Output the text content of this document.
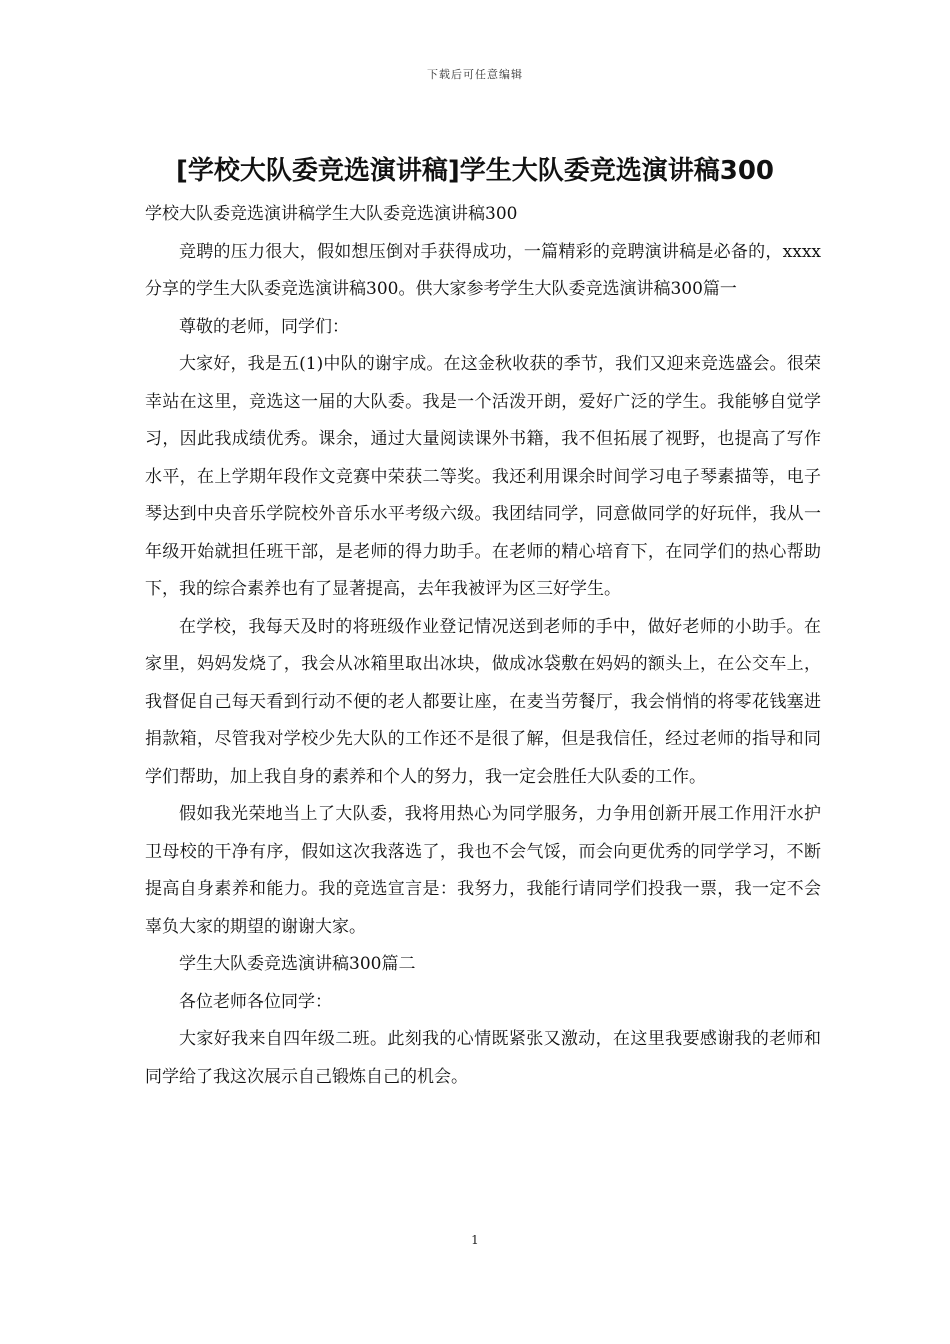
下载后可任意编辑
[学校大队委竞选演讲稿]学生大队委竞选演讲稿300

学校大队委竞选演讲稿学生大队委竞选演讲稿300

竞聘的压力很大，假如想压倒对手获得成功，一篇精彩的竞聘演讲稿是必备的，xxxx分享的学生大队委竞选演讲稿300。供大家参考学生大队委竞选演讲稿300篇一

尊敬的老师，同学们：

大家好，我是五(1)中队的谢宇成。在这金秋收获的季节，我们又迎来竞选盛会。很荣幸站在这里，竞选这一届的大队委。我是一个活泼开朗，爱好广泛的学生。我能够自觉学习，因此我成绩优秀。课余，通过大量阅读课外书籍，我不但拓展了视野，也提高了写作水平，在上学期年段作文竞赛中荣获二等奖。我还利用课余时间学习电子琴素描等，电子琴达到中央音乐学院校外音乐水平考级六级。我团结同学，同意做同学的好玩伴，我从一年级开始就担任班干部，是老师的得力助手。在老师的精心培育下，在同学们的热心帮助下，我的综合素养也有了显著提高，去年我被评为区三好学生。

在学校，我每天及时的将班级作业登记情况送到老师的手中，做好老师的小助手。在家里，妈妈发烧了，我会从冰箱里取出冰块，做成冰袋敷在妈妈的额头上，在公交车上，我督促自己每天看到行动不便的老人都要让座，在麦当劳餐厅，我会悄悄的将零花钱塞进捐款箱，尽管我对学校少先大队的工作还不是很了解，但是我信任，经过老师的指导和同学们帮助，加上我自身的素养和个人的努力，我一定会胜任大队委的工作。

假如我光荣地当上了大队委，我将用热心为同学服务，力争用创新开展工作用汗水护卫母校的干净有序，假如这次我落选了，我也不会气馁，而会向更优秀的同学学习，不断提高自身素养和能力。我的竞选宣言是：我努力，我能行请同学们投我一票，我一定不会辜负大家的期望的谢谢大家。

学生大队委竞选演讲稿300篇二

各位老师各位同学：

大家好我来自四年级二班。此刻我的心情既紧张又激动，在这里我要感谢我的老师和同学给了我这次展示自己锻炼自己的机会。

1
